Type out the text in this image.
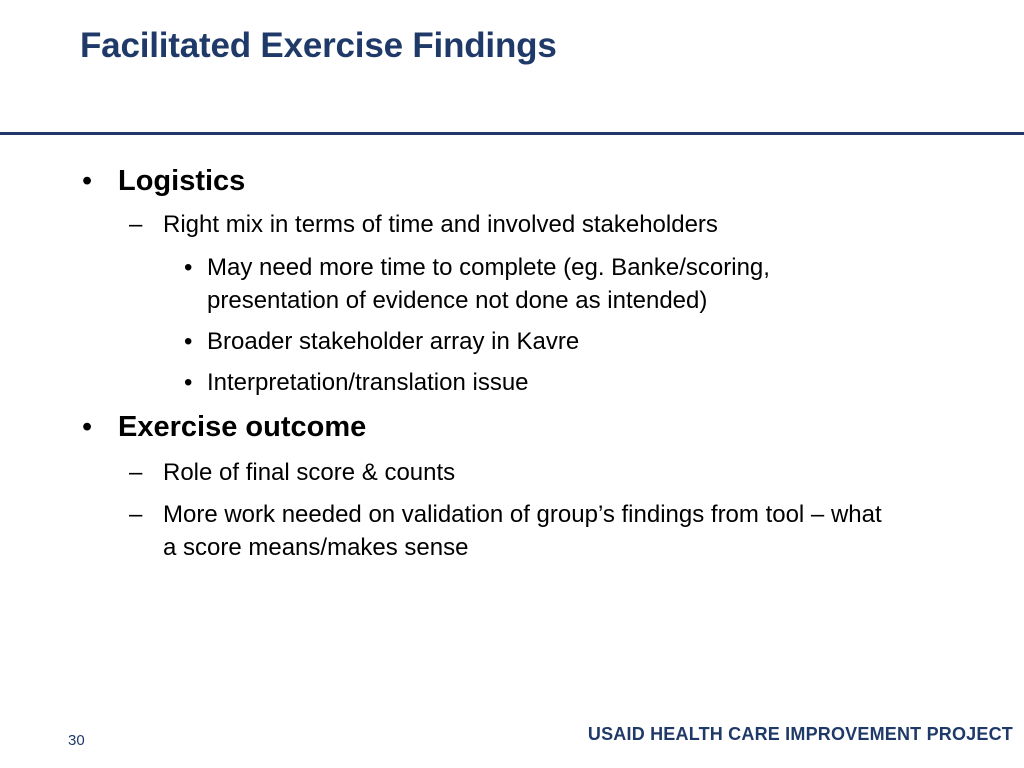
Facilitated Exercise Findings
• Logistics
– Right mix in terms of time and involved stakeholders
• May need more time to complete (eg. Banke/scoring, presentation of evidence not done as intended)
• Broader stakeholder array in Kavre
• Interpretation/translation issue
• Exercise outcome
– Role of final score & counts
– More work needed on validation of group’s findings from tool – what a score means/makes sense
30	USAID HEALTH CARE IMPROVEMENT PROJECT
